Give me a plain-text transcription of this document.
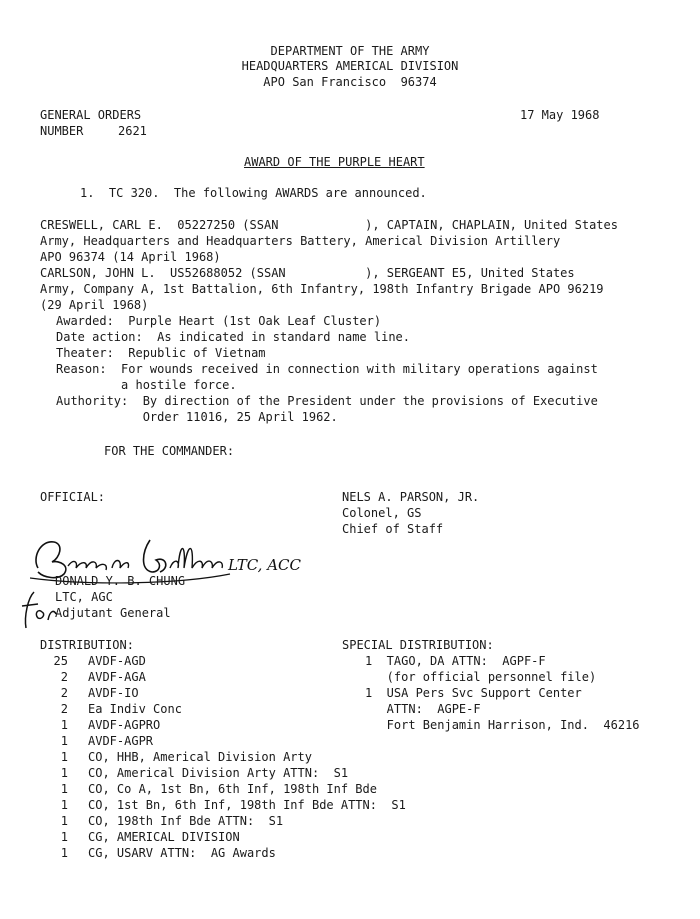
DEPARTMENT OF THE ARMY
HEADQUARTERS AMERICAL DIVISION
APO San Francisco  96374
GENERAL ORDERS
NUMBER	2621
17 May 1968
AWARD OF THE PURPLE HEART
1.  TC 320.  The following AWARDS are announced.
CRESWELL, CARL E.  05227250 (SSAN            ), CAPTAIN, CHAPLAIN, United States
Army, Headquarters and Headquarters Battery, Americal Division Artillery
APO 96374 (14 April 1968)
CARLSON, JOHN L.  US52688052 (SSAN           ), SERGEANT E5, United States
Army, Company A, 1st Battalion, 6th Infantry, 198th Infantry Brigade APO 96219
(29 April 1968)
Awarded:  Purple Heart (1st Oak Leaf Cluster)
Date action:  As indicated in standard name line.
Theater:  Republic of Vietnam
Reason:  For wounds received in connection with military operations against
a hostile force.
Authority:  By direction of the President under the provisions of Executive
Order 11016, 25 April 1962.
FOR THE COMMANDER:
OFFICIAL:	NELS A. PARSON, JR.
Colonel, GS
Chief of Staff
LTC, ACC
DONALD Y. B. CHUNG
LTC, AGC
Adjutant General
DISTRIBUTION:
25 AVDF-AGD
2 AVDF-AGA
2 AVDF-IO
2 Ea Indiv Conc
1 AVDF-AGPRO
1 AVDF-AGPR
1 CO, HHB, Americal Division Arty
1 CO, Americal Division Arty ATTN:  S1
1 CO, Co A, 1st Bn, 6th Inf, 198th Inf Bde
1 CO, 1st Bn, 6th Inf, 198th Inf Bde ATTN:  S1
1 CO, 198th Inf Bde ATTN:  S1
1 CG, AMERICAL DIVISION
1 CG, USARV ATTN:  AG Awards
SPECIAL DISTRIBUTION:
1  TAGO, DA ATTN:  AGPF-F
(for official personnel file)
1  USA Pers Svc Support Center
ATTN:  AGPE-F
Fort Benjamin Harrison, Ind.  46216
